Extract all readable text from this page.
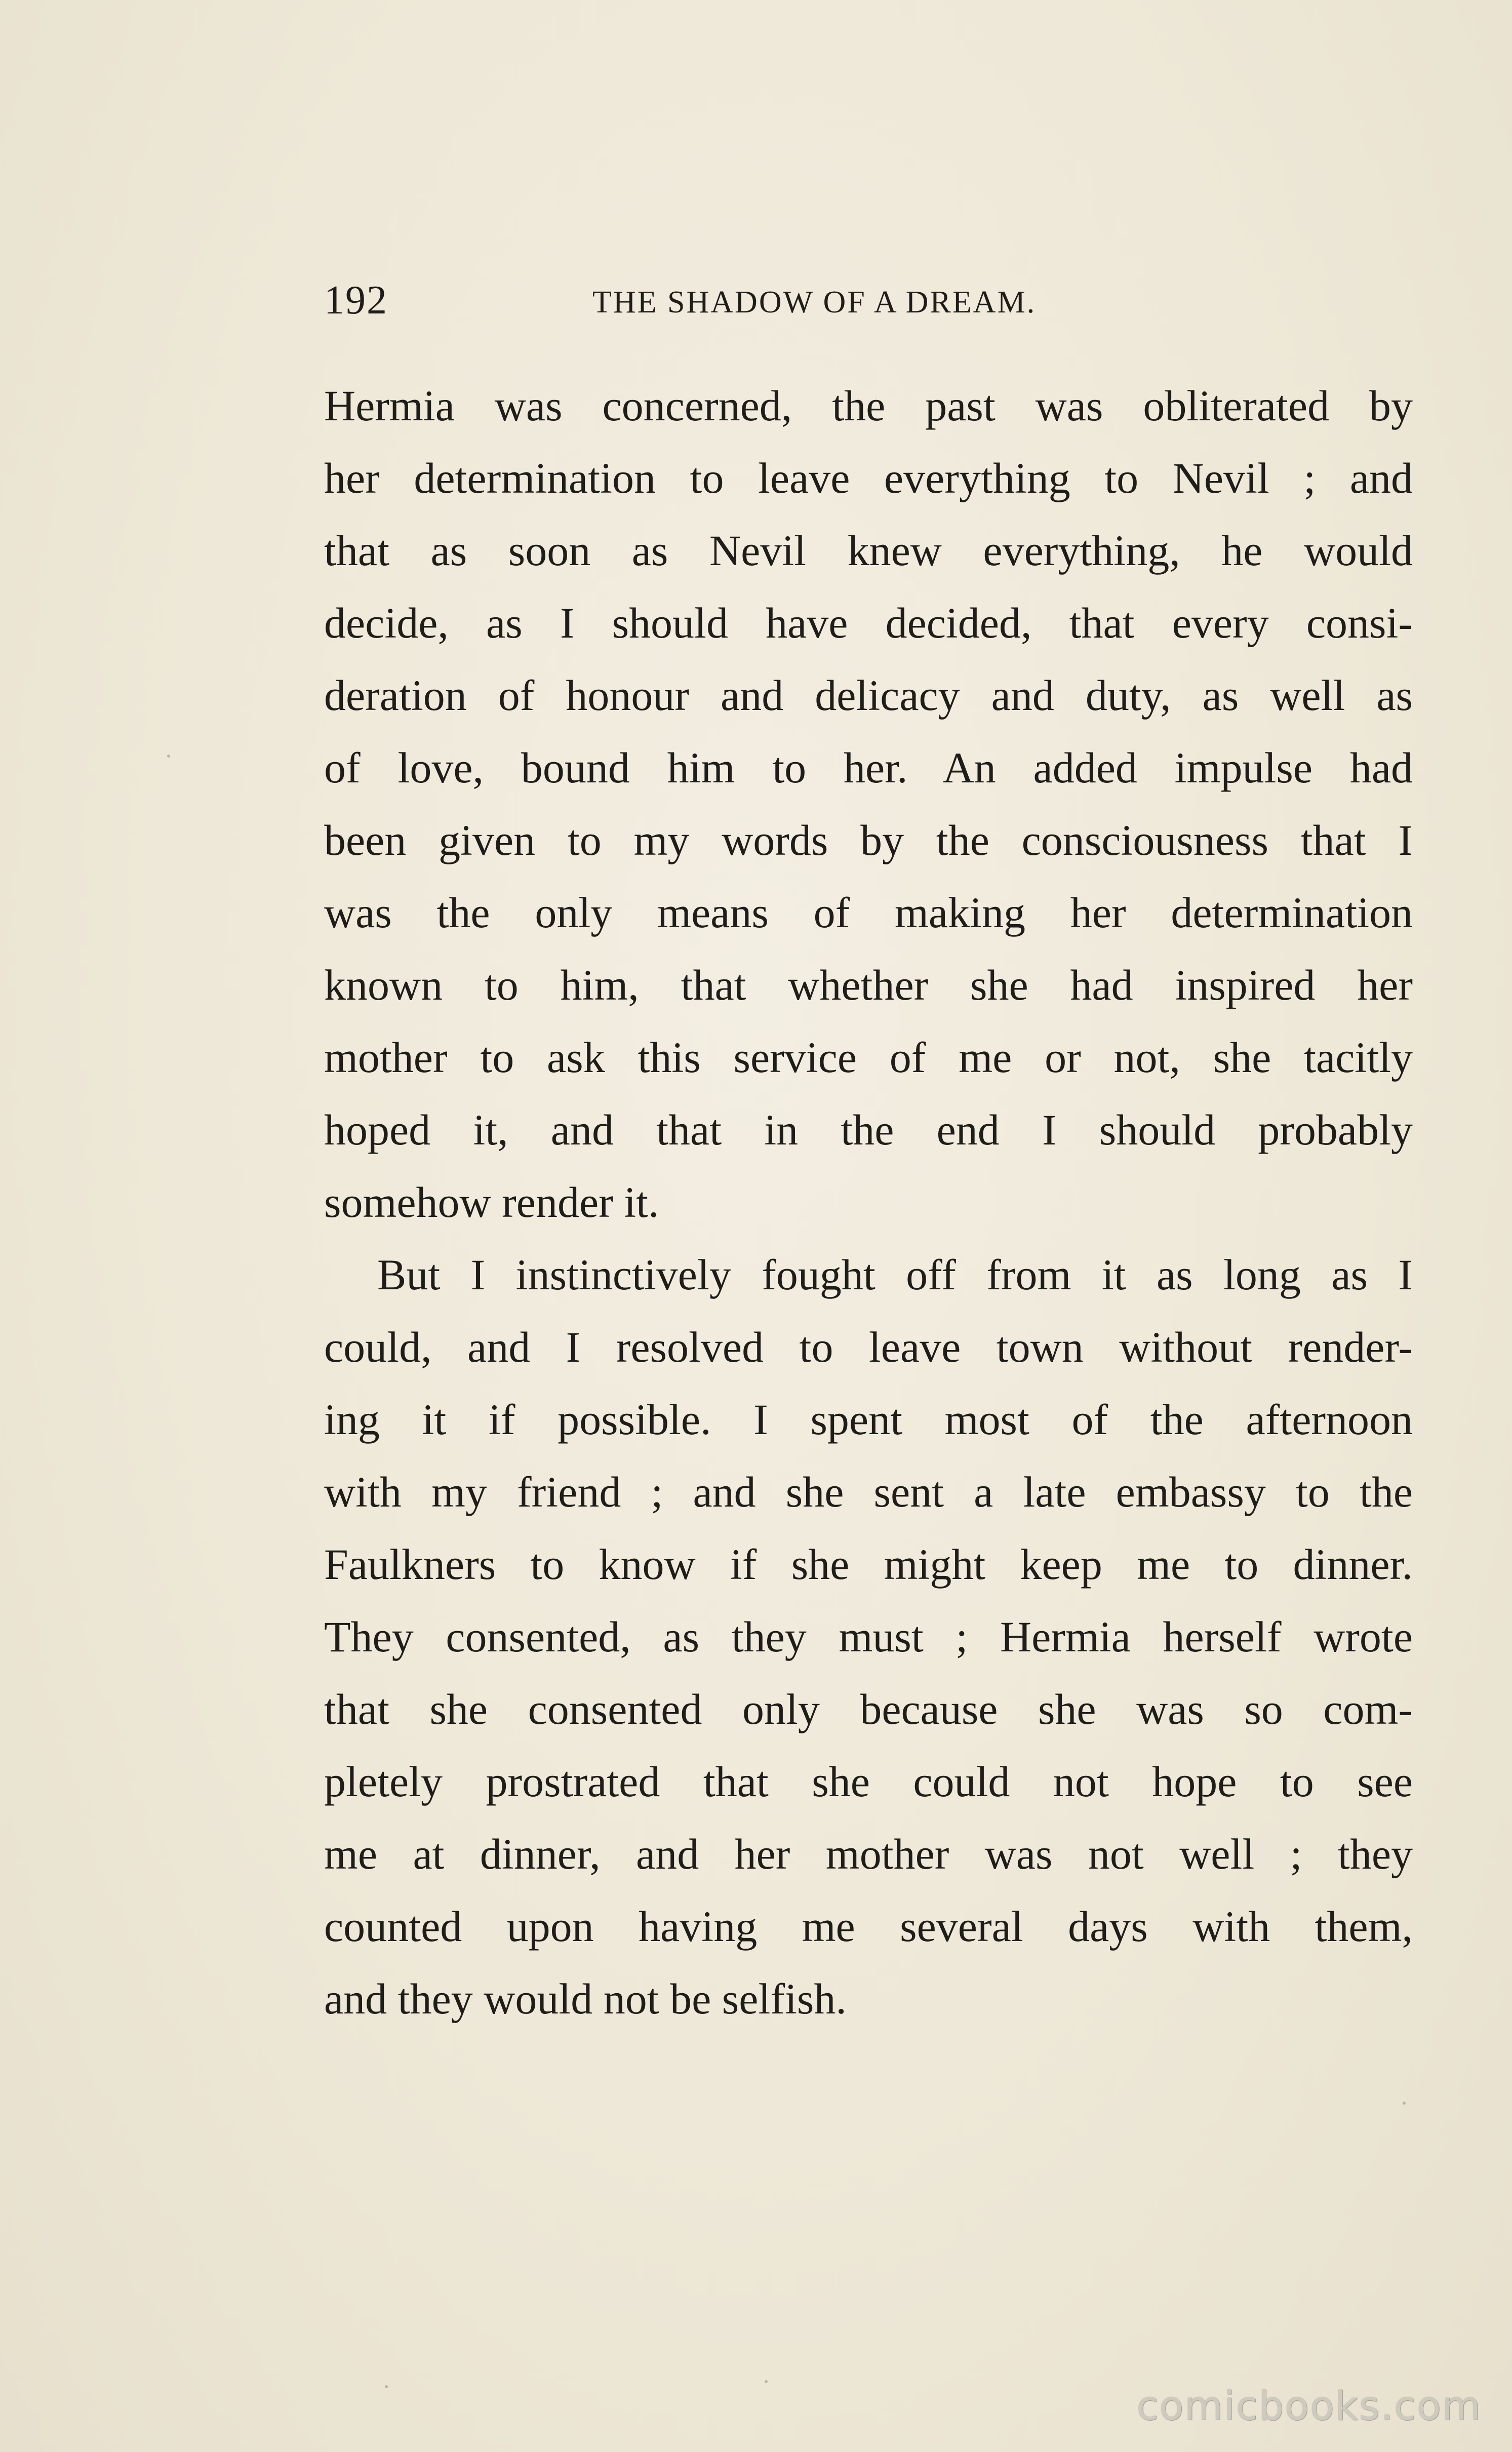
192	THE SHADOW OF A DREAM.
Hermia was concerned, the past was obliterated by
her determination to leave everything to Nevil ; and
that as soon as Nevil knew everything, he would
decide, as I should have decided, that every consi-
deration of honour and delicacy and duty, as well as
of love, bound him to her. An added impulse had
been given to my words by the consciousness that I
was the only means of making her determination
known to him, that whether she had inspired her
mother to ask this service of me or not, she tacitly
hoped it, and that in the end I should probably
somehow render it.
But I instinctively fought off from it as long as I
could, and I resolved to leave town without render-
ing it if possible. I spent most of the afternoon
with my friend ; and she sent a late embassy to the
Faulkners to know if she might keep me to dinner.
They consented, as they must ; Hermia herself wrote
that she consented only because she was so com-
pletely prostrated that she could not hope to see
me at dinner, and her mother was not well ; they
counted upon having me several days with them,
and they would not be selfish.
comicbooks.com
